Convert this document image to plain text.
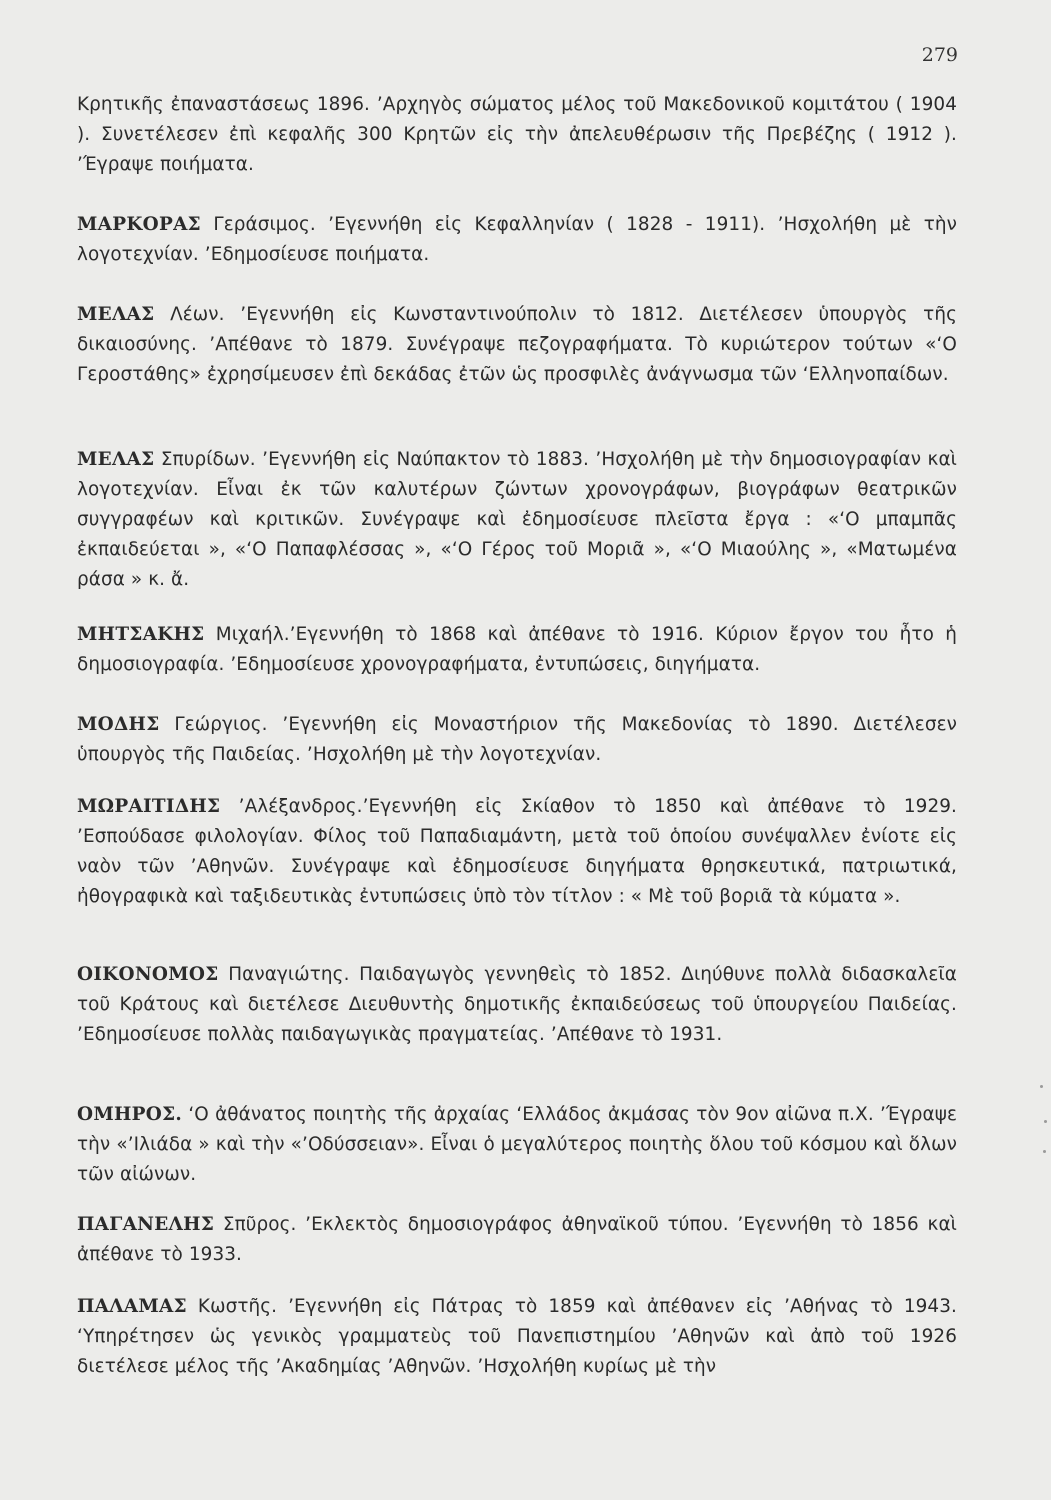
279

Κρητικῆς ἐπαναστάσεως 1896. ’Αρχηγὸς σώματος μέλος τοῦ Μακεδονικοῦ κομιτάτου ( 1904 ). Συνετέλεσεν ἐπὶ κεφαλῆς 300 Κρητῶν εἰς τὴν ἀπελευθέρωσιν τῆς Πρεβέζης ( 1912 ). ’Έγραψε ποιήματα.

ΜΑΡΚΟΡΑΣ Γεράσιμος. ’Εγεννήθη εἰς Κεφαλληνίαν ( 1828 - 1911). ’Ησχολήθη μὲ τὴν λογοτεχνίαν. ’Εδημοσίευσε ποιήματα.

ΜΕΛΑΣ Λέων. ’Εγεννήθη εἰς Κωνσταντινούπολιν τὸ 1812. Διετέλεσεν ὑπουργὸς τῆς δικαιοσύνης. ’Απέθανε τὸ 1879. Συνέγραψε πεζογραφήματα. Τὸ κυριώτερον τούτων «‘Ο Γεροστάθης» ἐχρησίμευσεν ἐπὶ δεκάδας ἐτῶν ὡς προσφιλὲς ἀνάγνωσμα τῶν ‘Ελληνοπαίδων.

ΜΕΛΑΣ Σπυρίδων. ’Εγεννήθη εἰς Ναύπακτον τὸ 1883. ’Ησχολήθη μὲ τὴν δημοσιογραφίαν καὶ λογοτεχνίαν. Εἶναι ἐκ τῶν καλυτέρων ζώντων χρονογράφων, βιογράφων θεατρικῶν συγγραφέων καὶ κριτικῶν. Συνέγραψε καὶ ἐδημοσίευσε πλεῖστα ἔργα : «‘Ο μπαμπᾶς ἐκπαιδεύεται », «‘Ο Παπαφλέσσας », «‘Ο Γέρος τοῦ Μοριᾶ », «‘Ο Μιαούλης », «Ματωμένα ράσα » κ. ἄ.

ΜΗΤΣΑΚΗΣ Μιχαήλ.’Εγεννήθη τὸ 1868 καὶ ἀπέθανε τὸ 1916. Κύριον ἔργον του ἦτο ἡ δημοσιογραφία. ’Εδημοσίευσε χρονογραφήματα, ἐντυπώσεις, διηγήματα.

ΜΟΔΗΣ Γεώργιος. ’Εγεννήθη εἰς Μοναστήριον τῆς Μακεδονίας τὸ 1890. Διετέλεσεν ὑπουργὸς τῆς Παιδείας. ’Ησχολήθη μὲ τὴν λογοτεχνίαν.

ΜΩΡΑΙΤΙΔΗΣ ’Αλέξανδρος.’Εγεννήθη εἰς Σκίαθον τὸ 1850 καὶ ἀπέθανε τὸ 1929. ’Εσπούδασε φιλολογίαν. Φίλος τοῦ Παπαδιαμάντη, μετὰ τοῦ ὁποίου συνέψαλλεν ἐνίοτε εἰς ναὸν τῶν ’Αθηνῶν. Συνέγραψε καὶ ἐδημοσίευσε διηγήματα θρησκευτικά, πατριωτικά, ἠθογραφικὰ καὶ ταξιδευτικὰς ἐντυπώσεις ὑπὸ τὸν τίτλον : « Μὲ τοῦ βοριᾶ τὰ κύματα ».

ΟΙΚΟΝΟΜΟΣ Παναγιώτης. Παιδαγωγὸς γεννηθεὶς τὸ 1852. Διηύθυνε πολλὰ διδασκαλεῖα τοῦ Κράτους καὶ διετέλεσε Διευθυντὴς δημοτικῆς ἐκπαιδεύσεως τοῦ ὑπουργείου Παιδείας. ’Εδημοσίευσε πολλὰς παιδαγωγικὰς πραγματείας. ’Απέθανε τὸ 1931.

ΟΜΗΡΟΣ. ‘Ο ἀθάνατος ποιητὴς τῆς ἀρχαίας ‘Ελλάδος ἀκμάσας τὸν 9ον αἰῶνα π.Χ. ’Έγραψε τὴν «’Ιλιάδα » καὶ τὴν «’Οδύσσειαν». Εἶναι ὁ μεγαλύτερος ποιητὴς ὅλου τοῦ κόσμου καὶ ὅλων τῶν αἰώνων.

ΠΑΓΑΝΕΛΗΣ Σπῦρος. ’Εκλεκτὸς δημοσιογράφος ἀθηναϊκοῦ τύπου. ’Εγεννήθη τὸ 1856 καὶ ἀπέθανε τὸ 1933.

ΠΑΛΑΜΑΣ Κωστῆς. ’Εγεννήθη εἰς Πάτρας τὸ 1859 καὶ ἀπέθανεν εἰς ’Αθήνας τὸ 1943. ‘Υπηρέτησεν ὡς γενικὸς γραμματεὺς τοῦ Πανεπιστημίου ’Αθηνῶν καὶ ἀπὸ τοῦ 1926 διετέλεσε μέλος τῆς ’Ακαδημίας ’Αθηνῶν. ’Ησχολήθη κυρίως μὲ τὴν
